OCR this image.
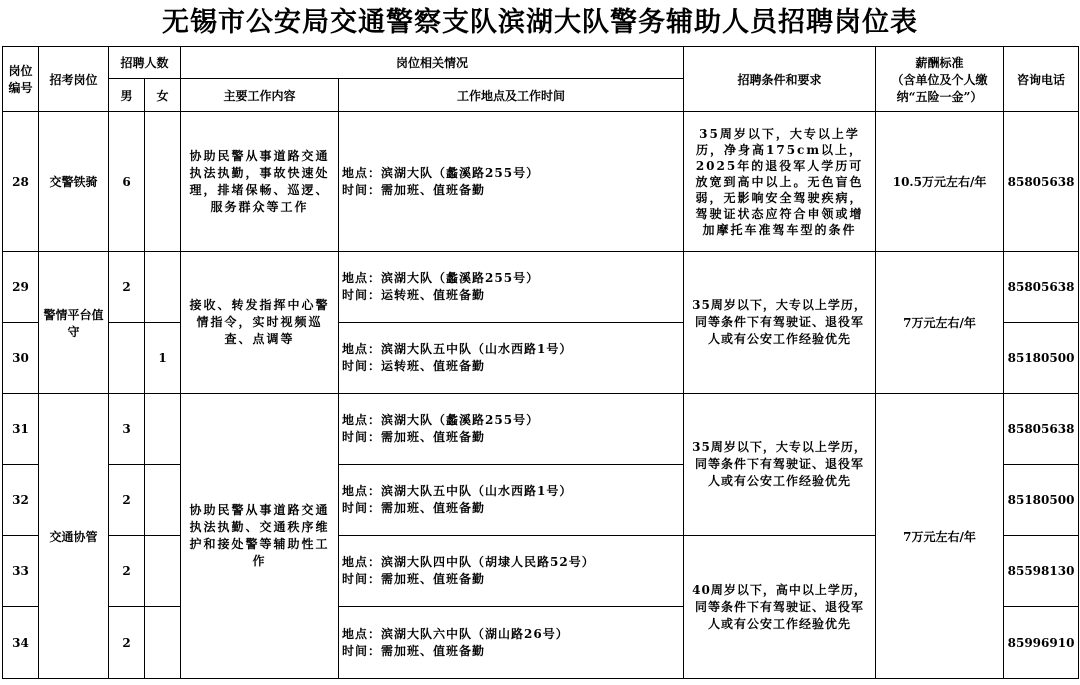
无锡市公安局交通警察支队滨湖大队警务辅助人员招聘岗位表
岗位
编号	招考岗位	招聘人数		岗位相关情况		招聘条件和要求	薪酬标准
（含单位及个人缴
纳“五险一金”）	咨询电话
		男	女	主要工作内容	工作地点及工作时间			
28	交警铁骑	6		协助民警从事道路交通执法执勤，事故快速处理，排堵保畅、巡逻、服务群众等工作	地点：滨湖大队（蠡溪路255号）
时间：需加班、值班备勤	35周岁以下，大专以上学历，净身高175cm以上，2025年的退役军人学历可放宽到高中以上。无色盲色弱，无影响安全驾驶疾病，驾驶证状态应符合申领或增加摩托车准驾车型的条件	10.5万元左右/年	85805638
29	警情平台值守	2		接收、转发指挥中心警情指令，实时视频巡查、点调等	地点：滨湖大队（蠡溪路255号）
时间：运转班、值班备勤	35周岁以下，大专以上学历，同等条件下有驾驶证、退役军人或有公安工作经验优先	7万元左右/年	85805638
30			1		地点：滨湖大队五中队（山水西路1号）
时间：运转班、值班备勤			85180500
31	交通协管	3		协助民警从事道路交通执法执勤、交通秩序维护和接处警等辅助性工作	地点：滨湖大队（蠡溪路255号）
时间：需加班、值班备勤	35周岁以下，大专以上学历，同等条件下有驾驶证、退役军人或有公安工作经验优先	7万元左右/年	85805638
32		2			地点：滨湖大队五中队（山水西路1号）
时间：需加班、值班备勤			85180500
33		2			地点：滨湖大队四中队（胡埭人民路52号）
时间：需加班、值班备勤	40周岁以下，高中以上学历，同等条件下有驾驶证、退役军人或有公安工作经验优先		85598130
34		2			地点：滨湖大队六中队（湖山路26号）
时间：需加班、值班备勤			85996910
